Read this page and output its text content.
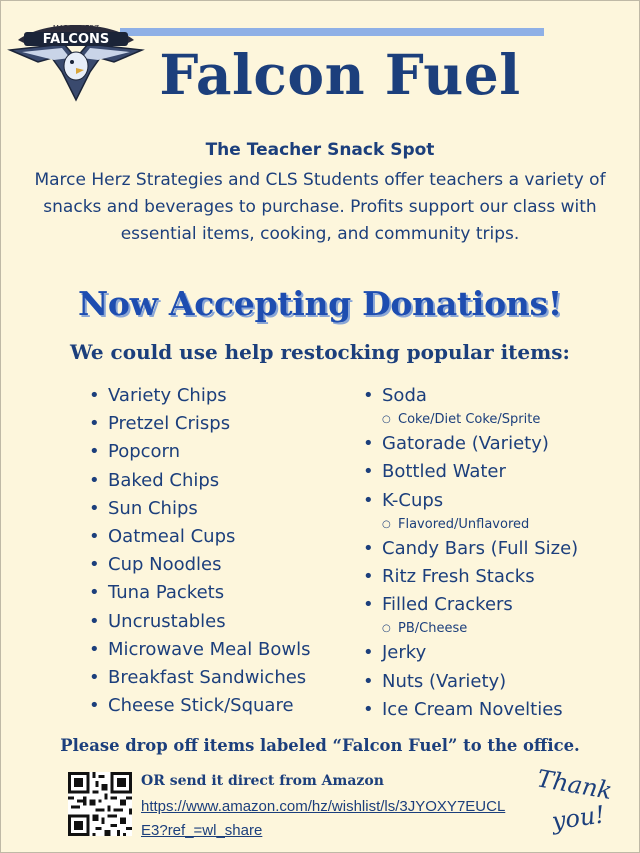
MARCE HERZ
FALCONS
Falcon Fuel
The Teacher Snack Spot
Marce Herz Strategies and CLS Students offer teachers a variety of snacks and beverages to purchase. Profits support our class with essential items, cooking, and community trips.
Now Accepting Donations!
We could use help restocking popular items:
• Variety Chips
• Pretzel Crisps
• Popcorn
• Baked Chips
• Sun Chips
• Oatmeal Cups
• Cup Noodles
• Tuna Packets
• Uncrustables
• Microwave Meal Bowls
• Breakfast Sandwiches
• Cheese Stick/Square
• Soda
○ Coke/Diet Coke/Sprite
• Gatorade (Variety)
• Bottled Water
• K-Cups
○ Flavored/Unflavored
• Candy Bars (Full Size)
• Ritz Fresh Stacks
• Filled Crackers
○ PB/Cheese
• Jerky
• Nuts (Variety)
• Ice Cream Novelties
Please drop off items labeled “Falcon Fuel” to the office.
OR send it direct from Amazon
https://www.amazon.com/hz/wishlist/ls/3JYOXY7EUCLE3?ref_=wl_share
Thank
you!
